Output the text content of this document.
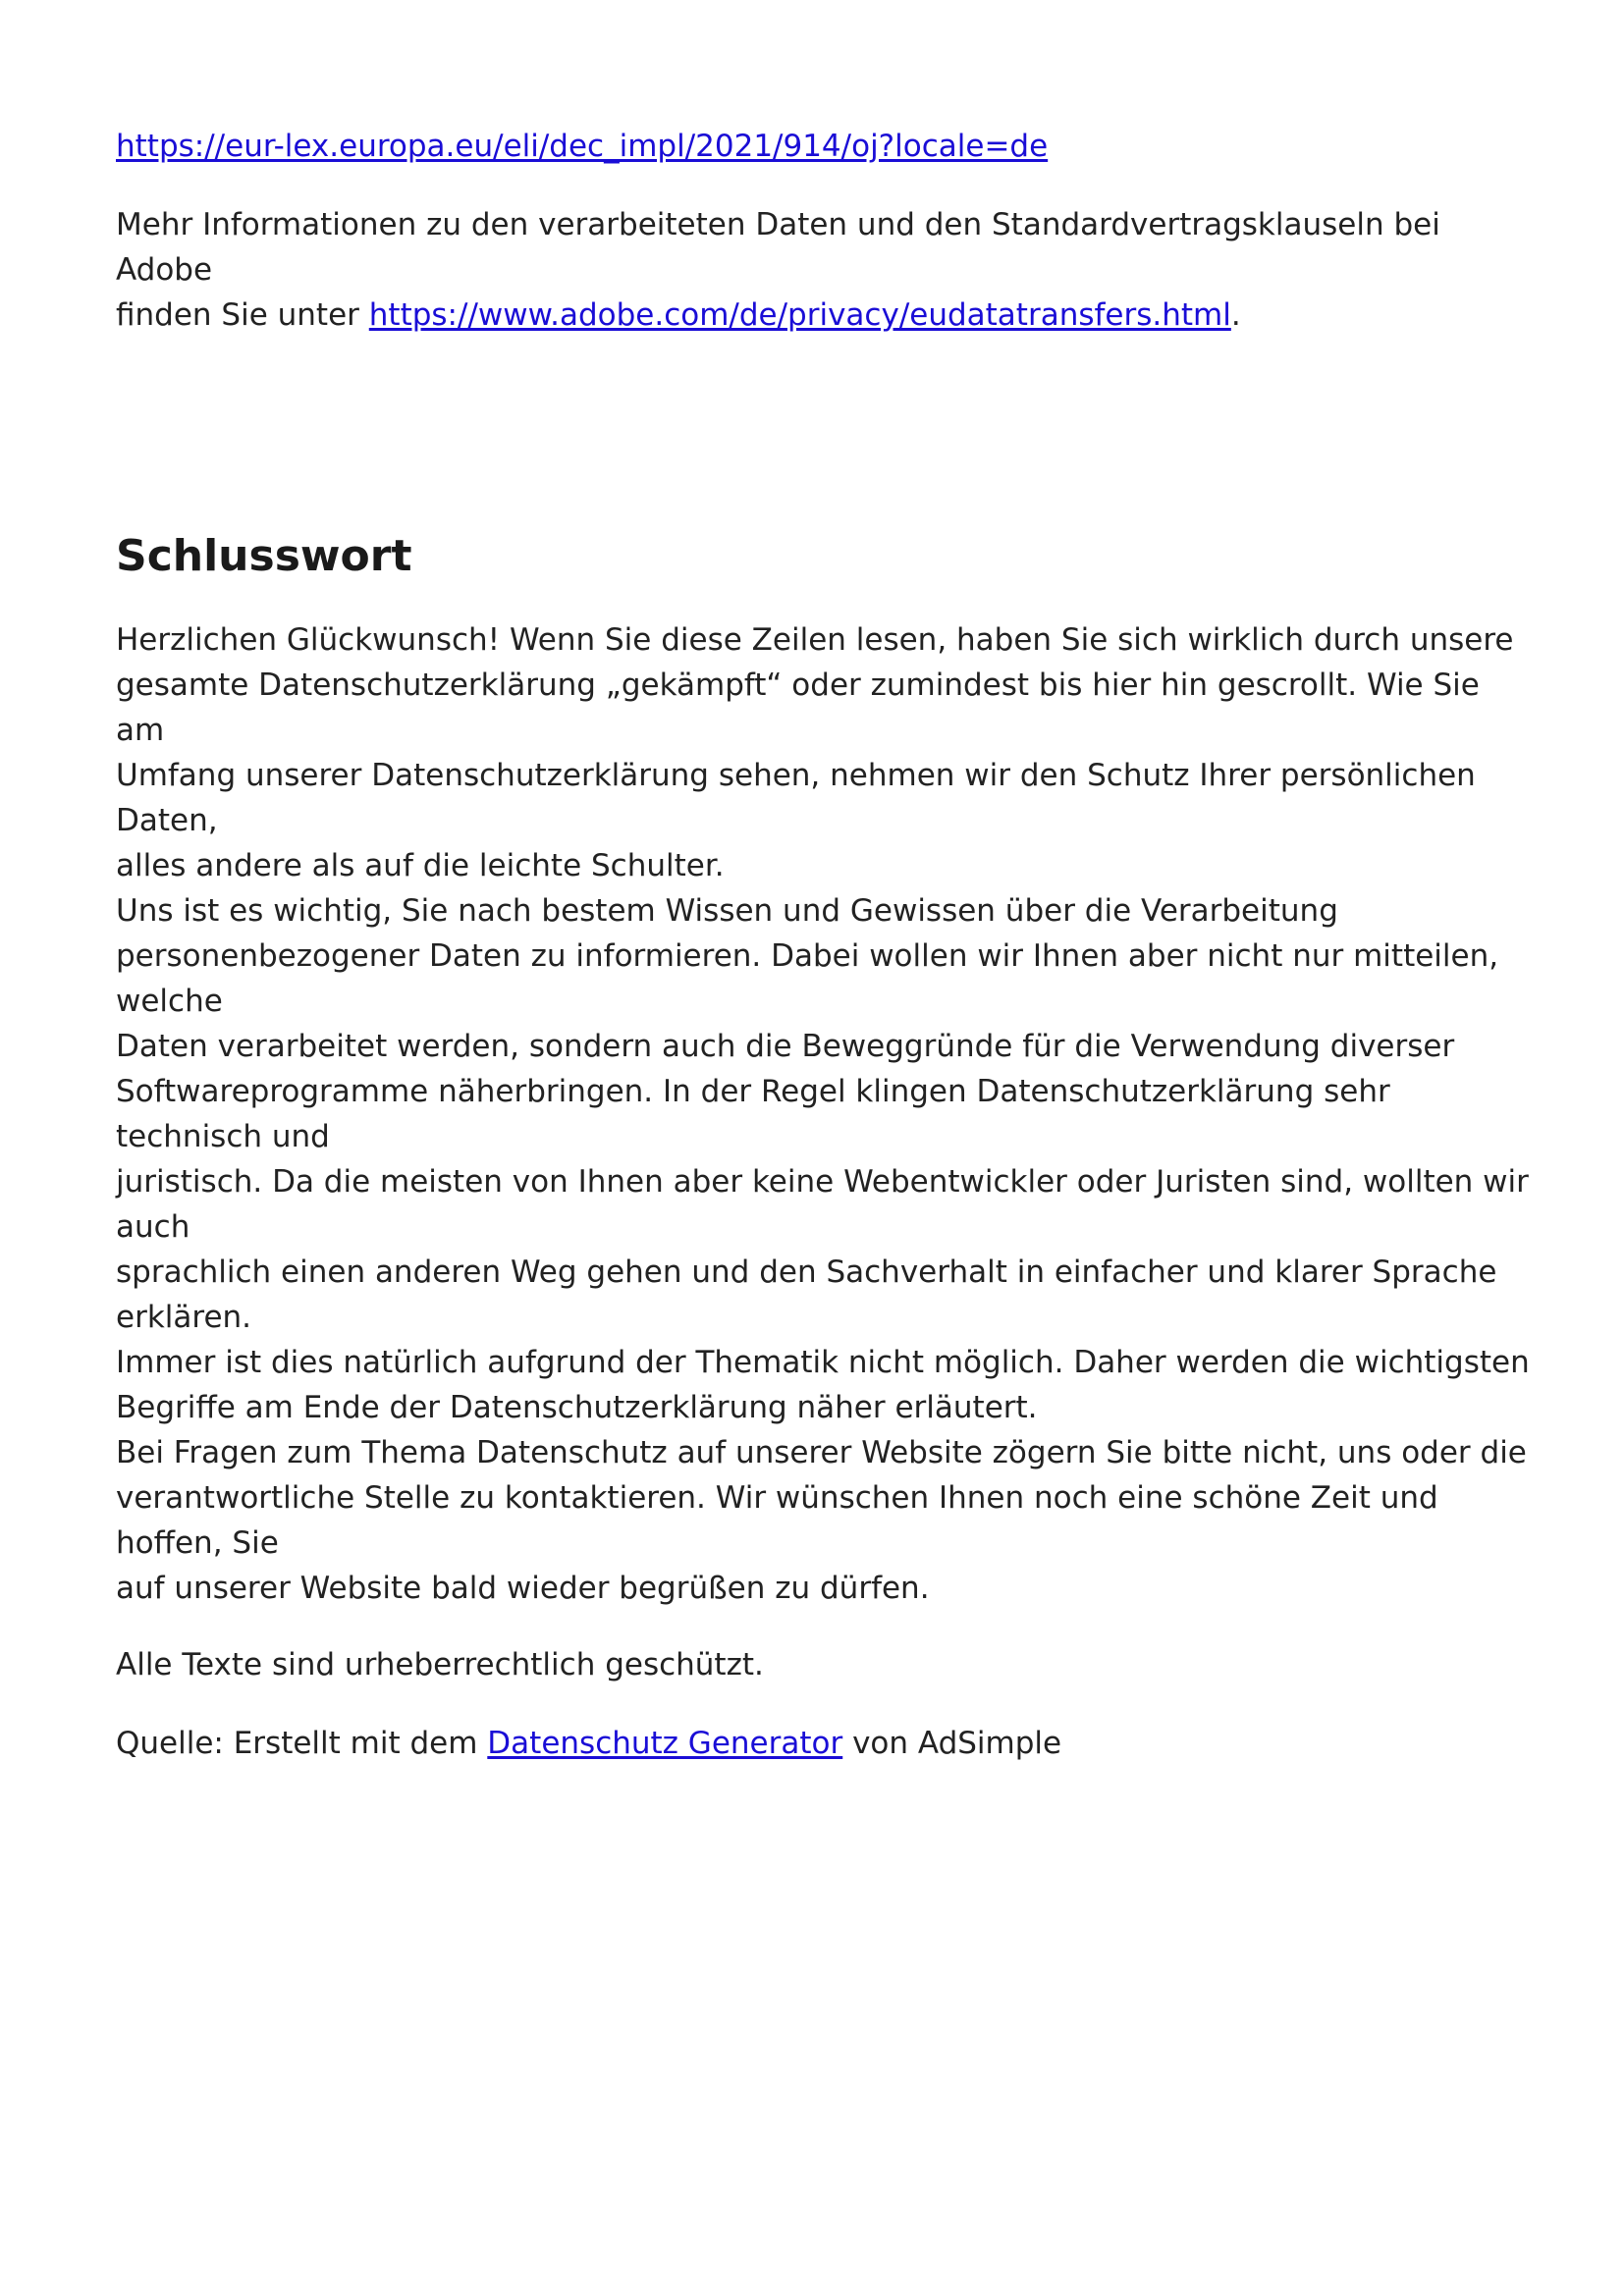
https://eur-lex.europa.eu/eli/dec_impl/2021/914/oj?locale=de

Mehr Informationen zu den verarbeiteten Daten und den Standardvertragsklauseln bei Adobe
finden Sie unter https://www.adobe.com/de/privacy/eudatatransfers.html.

Schlusswort

Herzlichen Glückwunsch! Wenn Sie diese Zeilen lesen, haben Sie sich wirklich durch unsere
gesamte Datenschutzerklärung „gekämpft“ oder zumindest bis hier hin gescrollt. Wie Sie am
Umfang unserer Datenschutzerklärung sehen, nehmen wir den Schutz Ihrer persönlichen Daten,
alles andere als auf die leichte Schulter.
Uns ist es wichtig, Sie nach bestem Wissen und Gewissen über die Verarbeitung
personenbezogener Daten zu informieren. Dabei wollen wir Ihnen aber nicht nur mitteilen, welche
Daten verarbeitet werden, sondern auch die Beweggründe für die Verwendung diverser
Softwareprogramme näherbringen. In der Regel klingen Datenschutzerklärung sehr technisch und
juristisch. Da die meisten von Ihnen aber keine Webentwickler oder Juristen sind, wollten wir auch
sprachlich einen anderen Weg gehen und den Sachverhalt in einfacher und klarer Sprache erklären.
Immer ist dies natürlich aufgrund der Thematik nicht möglich. Daher werden die wichtigsten
Begriffe am Ende der Datenschutzerklärung näher erläutert.
Bei Fragen zum Thema Datenschutz auf unserer Website zögern Sie bitte nicht, uns oder die
verantwortliche Stelle zu kontaktieren. Wir wünschen Ihnen noch eine schöne Zeit und hoffen, Sie
auf unserer Website bald wieder begrüßen zu dürfen.

Alle Texte sind urheberrechtlich geschützt.

Quelle: Erstellt mit dem Datenschutz Generator von AdSimple
